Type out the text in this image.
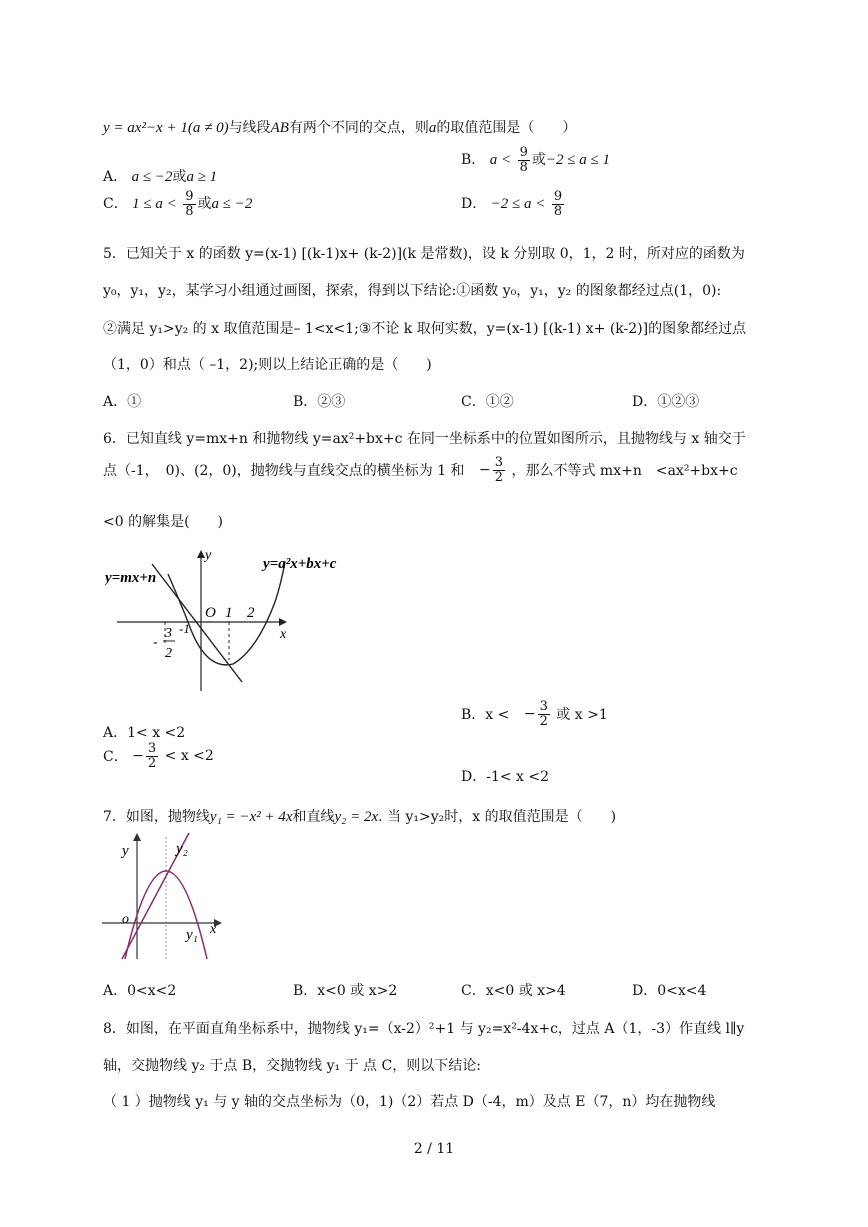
y = ax²−x + 1(a ≠ 0)与线段AB有两个不同的交点，则a的取值范围是（　　）
A． a ≤ −2或a ≥ 1
B． $a < \frac{9}{8}$ 或−2 ≤ a ≤ 1
C． $1 \le a < \frac{9}{8}$ 或a ≤ −2	D． $-2 \le a < \frac{9}{8}$
5．已知关于 x 的函数 y=(x-1) [(k-1)x+ (k-2)](k 是常数)，设 k 分别取 0，1，2 时，所对应的函数为
y₀，y₁，y₂，某学习小组通过画图，探索，得到以下结论:①函数 y₀，y₁，y₂ 的图象都经过点(1，0):
②满足 y₁>y₂ 的 x 取值范围是– 1<x<1;③不论 k 取何实数，y=(x-1) [(k-1) x+ (k-2)]的图象都经过点
（1，0）和点（ –1，2);则以上结论正确的是（　　)
A．①	B．②③	C．①②	D．①②③
6．已知直线 y=mx+n 和抛物线 y=ax²+bx+c 在同一坐标系中的位置如图所示，且抛物线与 x 轴交于
点（-1，　0)、(2，0)，抛物线与直线交点的横坐标为 1 和 − $\frac{3}{2}$ ，那么不等式 mx+n　<ax²+bx+c
<0 的解集是(　　)
y=mx+n
y=a²x+bx+c
y
x
O 1 2
-1
-
3
2
A．1< x <2
B．x < − $\frac{3}{2}$ 或 x >1
C． − $\frac{3}{2} < x <2$
D．-1< x <2
7．如图，抛物线y₁ = −x² + 4x和直线y₂ = 2x. 当 y₁>y₂时，x 的取值范围是（　　)
y	y₂
o
y₁ x
A．0<x<2	B．x<0 或 x>2	C．x<0 或 x>4	D．0<x<4
8．如图，在平面直角坐标系中，抛物线 y₁=（x-2）²+1 与 y₂=x²-4x+c，过点 A（1，-3）作直线 l∥y
轴，交抛物线 y₂ 于点 B，交抛物线 y₁ 于 点 C，则以下结论:
（ 1 ）抛物线 y₁ 与 y 轴的交点坐标为（0，1)（2）若点 D（-4，m）及点 E（7，n）均在抛物线
2 / 11
